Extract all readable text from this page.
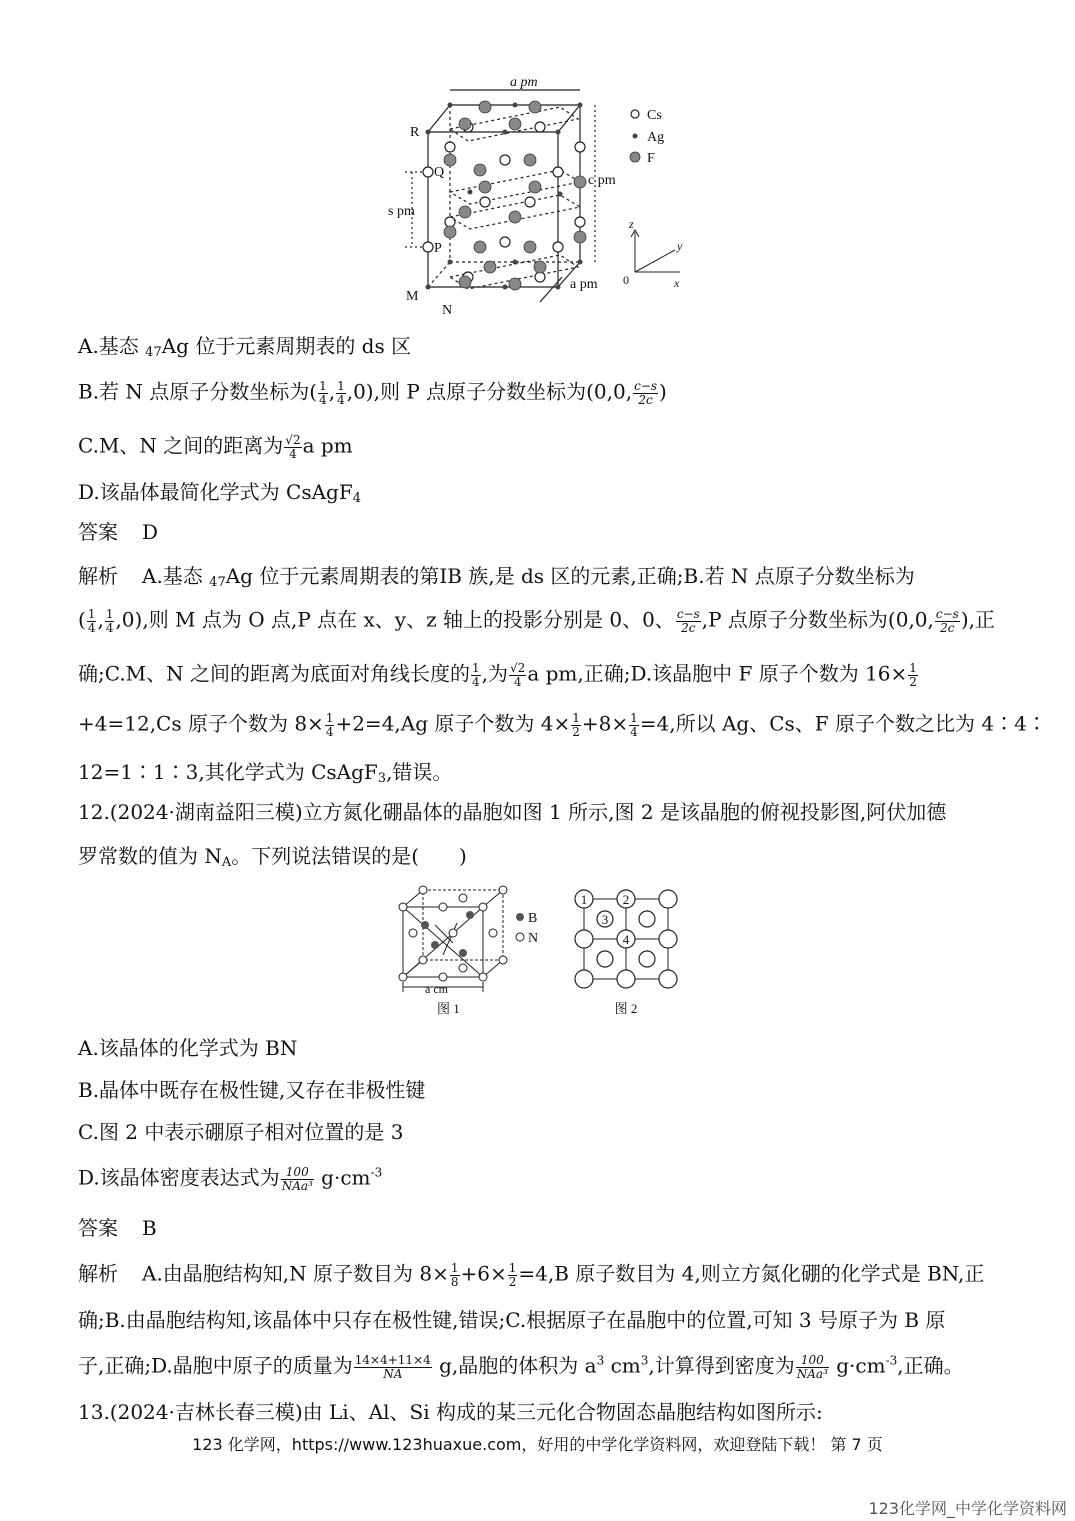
a pm
a pm
c pm
s pm
R
Q
P
M
N
Cs
Ag
F
z
y
x
0
A.基态 47Ag 位于元素周期表的 ds 区
B.若 N 点原子分数坐标为( $\frac{1}{4}$ , $\frac{1}{4} ,0$),则 P 点原子分数坐标为(0,0, $\frac{c-s}{2c}$ )
C.M、N 之间的距离为 $\frac{√2}{4}$ a pm
D.该晶体最简化学式为 CsAgF$_4$
答案 D
解析 A.基态 47Ag 位于元素周期表的第ⅠB 族,是 ds 区的元素,正确;B.若 N 点原子分数坐标为
( $\frac{1}{4}$ , $\frac{1}{4} ,0$),则 M 点为 O 点,P 点在 x、y、z 轴上的投影分别是 0、0、 $\frac{c-s}{2c} ,P$ 点原子分数坐标为(0,0, $\frac{c-s}{2c}$ ),正
确;C.M、N 之间的距离为底面对角线长度的 $\frac{1}{4}$ ,为 $\frac{√2}{4}$ a pm,正确;D.该晶胞中 F 原子个数为 $16\times \frac{1}{2}$
+4=12,Cs 原子个数为 $8\times \frac{1}{4} +2=4,Ag$ 原子个数为 $4\times \frac{1}{2} +8\times \frac{1}{4} =4$,所以 Ag、Cs、F 原子个数之比为 4∶4∶
12=1∶1∶3,其化学式为 CsAgF$_3$,错误。
12.(2024·湖南益阳三模)立方氮化硼晶体的晶胞如图 1 所示,图 2 是该晶胞的俯视投影图,阿伏加德
罗常数的值为 $N_A$。下列说法错误的是(　　)
B
N
a cm
图 1
1	2
3
4
图 2
A.该晶体的化学式为 BN
B.晶体中既存在极性键,又存在非极性键
C.图 2 中表示硼原子相对位置的是 3
D.该晶体密度表达式为 $\frac{100}{\text{NAa³}} g\cdot cm^{-3}$
答案 B
解析 A.由晶胞结构知,N 原子数目为 $8\times \frac{1}{8} +6\times \frac{1}{2} =4,B$ 原子数目为 4,则立方氮化硼的化学式是 BN,正
确;B.由晶胞结构知,该晶体中只存在极性键,错误;C.根据原子在晶胞中的位置,可知 3 号原子为 B 原
子,正确;D.晶胞中原子的质量为 $\frac{14\times 4+11\times 4}{NA} g$,晶胞的体积为 $a^3$ $cm^3$,计算得到密度为 $\frac{100}{\text{NAa³}} g\cdot cm^{-3}$,正确。
13.(2024·吉林长春三模)由 Li、Al、Si 构成的某三元化合物固态晶胞结构如图所示:
123 化学网，https://www.123huaxue.com，好用的中学化学资料网，欢迎登陆下载！ 第 7 页
123化学网_中学化学资料网
